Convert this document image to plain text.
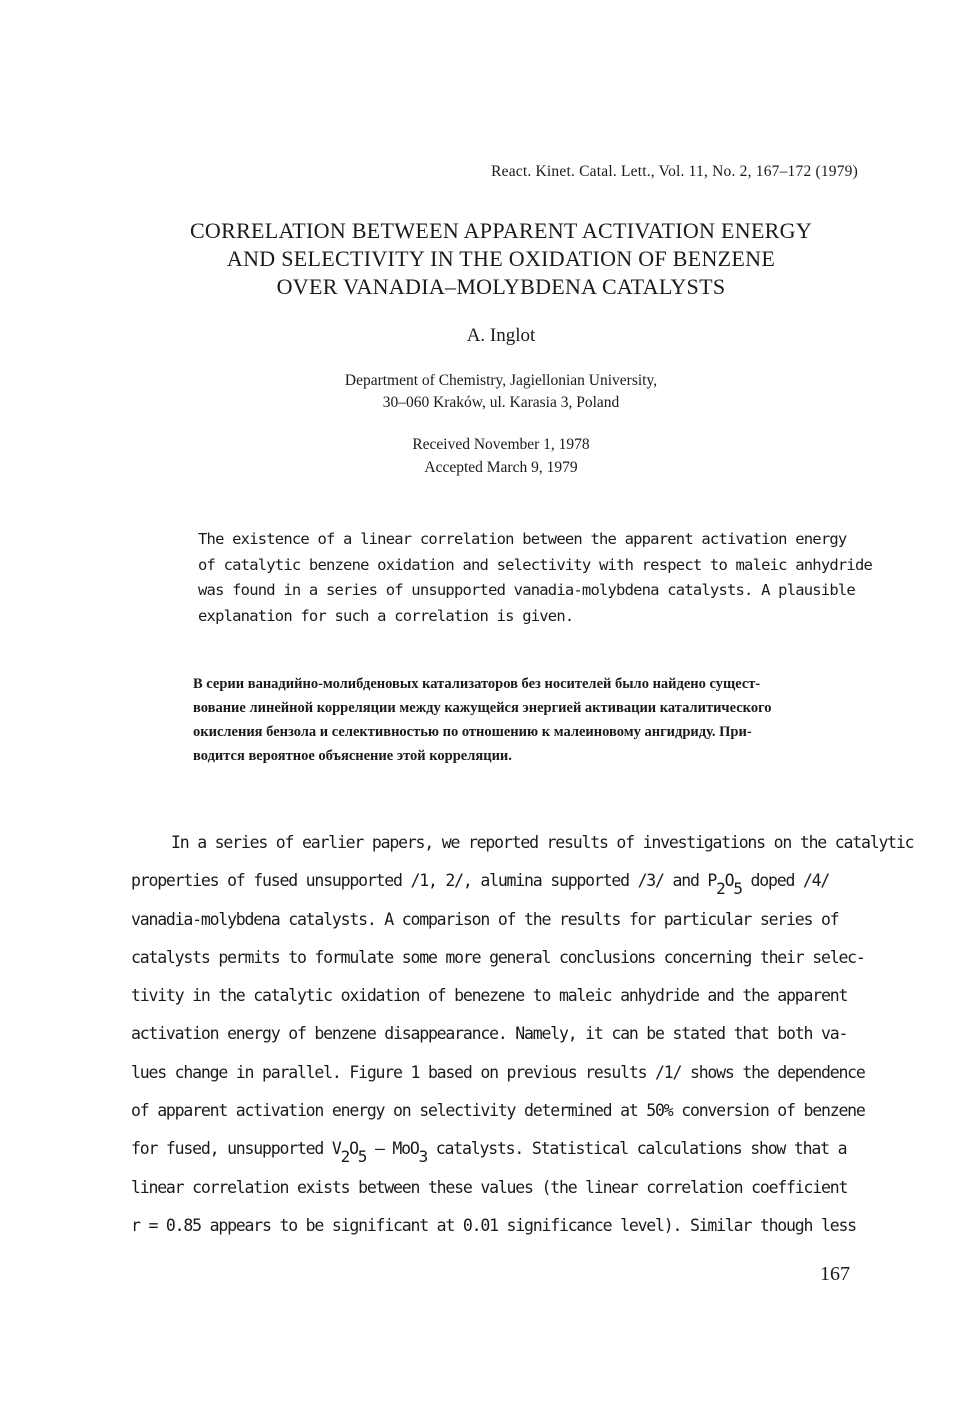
React. Kinet. Catal. Lett., Vol. 11, No. 2, 167–172 (1979)
CORRELATION BETWEEN APPARENT ACTIVATION ENERGY
AND SELECTIVITY IN THE OXIDATION OF BENZENE
OVER VANADIA–MOLYBDENA CATALYSTS
A. Inglot
Department of Chemistry, Jagiellonian University,
30–060 Kraków, ul. Karasia 3, Poland
Received November 1, 1978
Accepted March 9, 1979
The existence of a linear correlation between the apparent activation energy
of catalytic benzene oxidation and selectivity with respect to maleic anhydride
was found in a series of unsupported vanadia-molybdena catalysts. A plausible
explanation for such a correlation is given.
В серии ванадийно-молибденовых катализаторов без носителей было найдено сущест-
вование линейной корреляции между кажущейся энергией активации каталитического
окисления бензола и селективностью по отношению к малеиновому ангидриду. При-
водится вероятное объяснение этой корреляции.
In a series of earlier papers, we reported results of investigations on the catalytic
properties of fused unsupported /1, 2/, alumina supported /3/ and P2O5 doped /4/
vanadia-molybdena catalysts. A comparison of the results for particular series of
catalysts permits to formulate some more general conclusions concerning their selec-
tivity in the catalytic oxidation of benezene to maleic anhydride and the apparent
activation energy of benzene disappearance. Namely, it can be stated that both va-
lues change in parallel. Figure 1 based on previous results /1/ shows the dependence
of apparent activation energy on selectivity determined at 50% conversion of benzene
for fused, unsupported V2O5 – MoO3 catalysts. Statistical calculations show that a
linear correlation exists between these values (the linear correlation coefficient
r = 0.85 appears to be significant at 0.01 significance level). Similar though less
167
